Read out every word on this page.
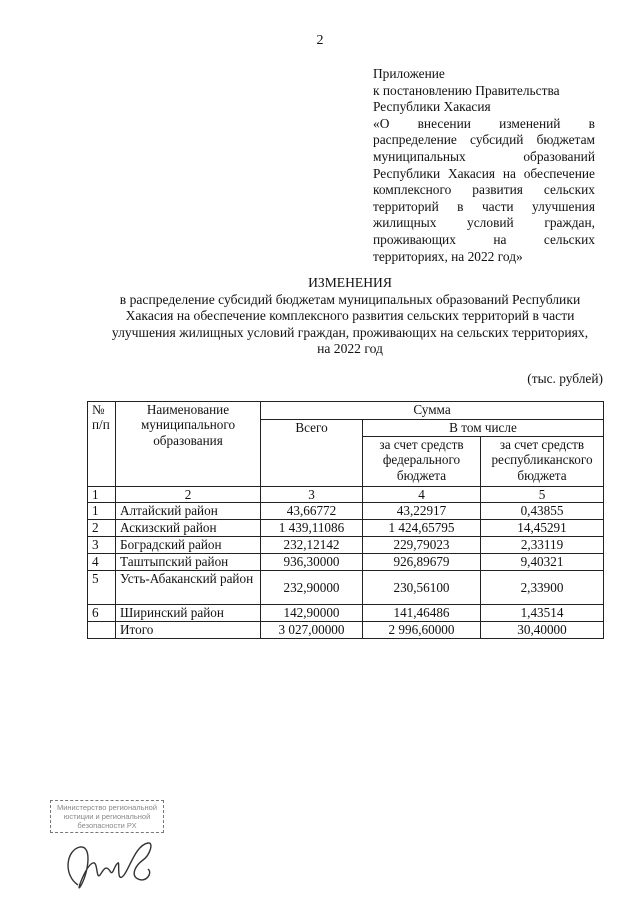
2
Приложение
к постановлению Правительства
Республики Хакасия
«О внесении изменений в
распределение субсидий бюджетам
муниципальных образований
Республики Хакасия на обеспечение
комплексного развития сельских
территорий в части улучшения
жилищных условий граждан,
проживающих на сельских
территориях, на 2022 год»
ИЗМЕНЕНИЯ
в распределение субсидий бюджетам муниципальных образований Республики
Хакасия на обеспечение комплексного развития сельских территорий в части
улучшения жилищных условий граждан, проживающих на сельских территориях,
на 2022 год
(тыс. рублей)
№ п/п	Наименование муниципального образования	Сумма		
		Всего	В том числе	
			за счет средств федерального бюджета	за счет средств республиканского бюджета
1	2	3	4	5
1	Алтайский район	43,66772	43,22917	0,43855
2	Аскизский район	1 439,11086	1 424,65795	14,45291
3	Боградский район	232,12142	229,79023	2,33119
4	Таштыпский район	936,30000	926,89679	9,40321
5	Усть-Абаканский район	232,90000	230,56100	2,33900
6	Ширинский район	142,90000	141,46486	1,43514
	Итого	3 027,00000	2 996,60000	30,40000
Министерство региональной
юстиции и региональной
безопасности РХ
